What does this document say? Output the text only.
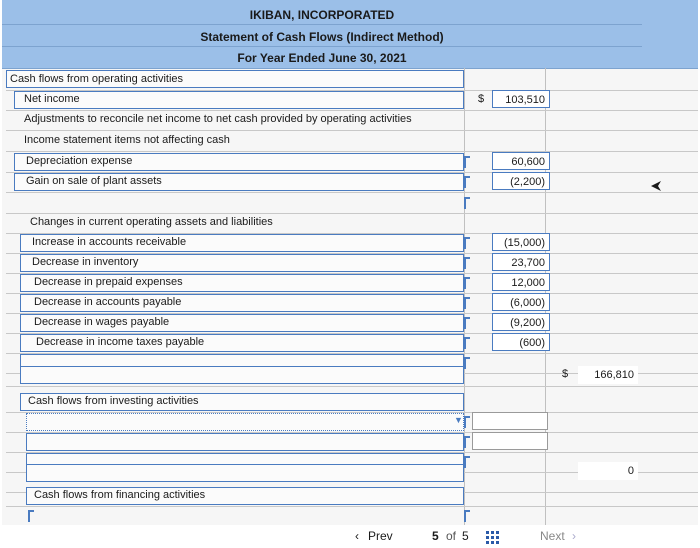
IKIBAN, INCORPORATED
Statement of Cash Flows (Indirect Method)
For Year Ended June 30, 2021
Cash flows from operating activities
Net income	$	103,510
Adjustments to reconcile net income to net cash provided by operating activities
Income statement items not affecting cash
Depreciation expense	60,600
Gain on sale of plant assets	(2,200)
Changes in current operating assets and liabilities
Increase in accounts receivable	(15,000)
Decrease in inventory	23,700
Decrease in prepaid expenses	12,000
Decrease in accounts payable	(6,000)
Decrease in wages payable	(9,200)
Decrease in income taxes payable	(600)
$	166,810
Cash flows from investing activities
▼
0
Cash flows from financing activities
‹ Prev	5 of 5	Next ›
